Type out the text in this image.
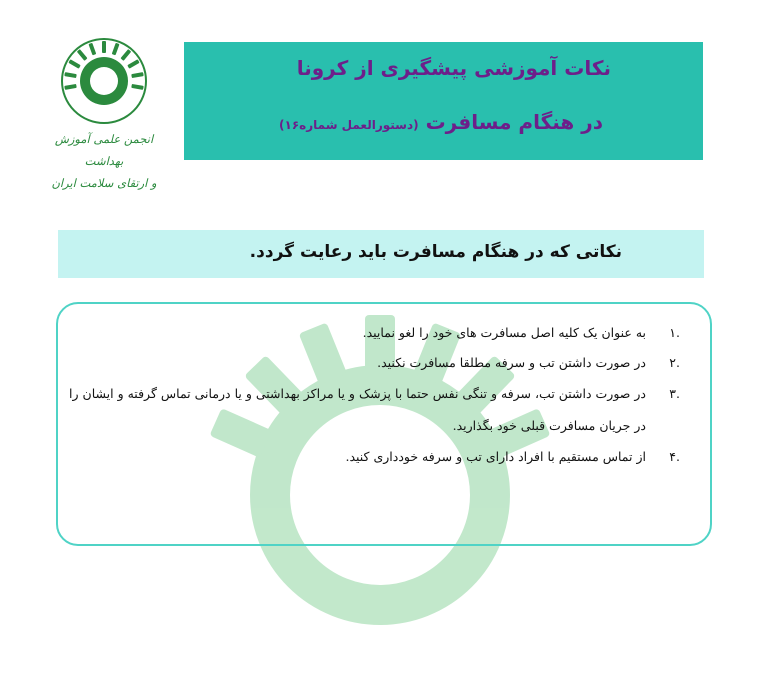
انجمن علمی آموزش بهداشت
و ارتقای سلامت ایران
نکات آموزشی پیشگیری از کرونا
در هنگام مسافرت (دستورالعمل شماره۱۶)
نکاتی که در هنگام مسافرت باید رعایت گردد.
.۱
به عنوان یک کلیه اصل مسافرت های خود را لغو نمایید.
.۲
در صورت داشتن تب و سرفه مطلقا مسافرت نکنید.
.۳
در صورت داشتن تب، سرفه و تنگی نفس حتما با پزشک و یا مراکز بهداشتی و یا درمانی تماس گرفته و ایشان را در جریان مسافرت قبلی خود بگذارید.
.۴
از تماس مستقیم با افراد دارای تب و سرفه خودداری کنید.
